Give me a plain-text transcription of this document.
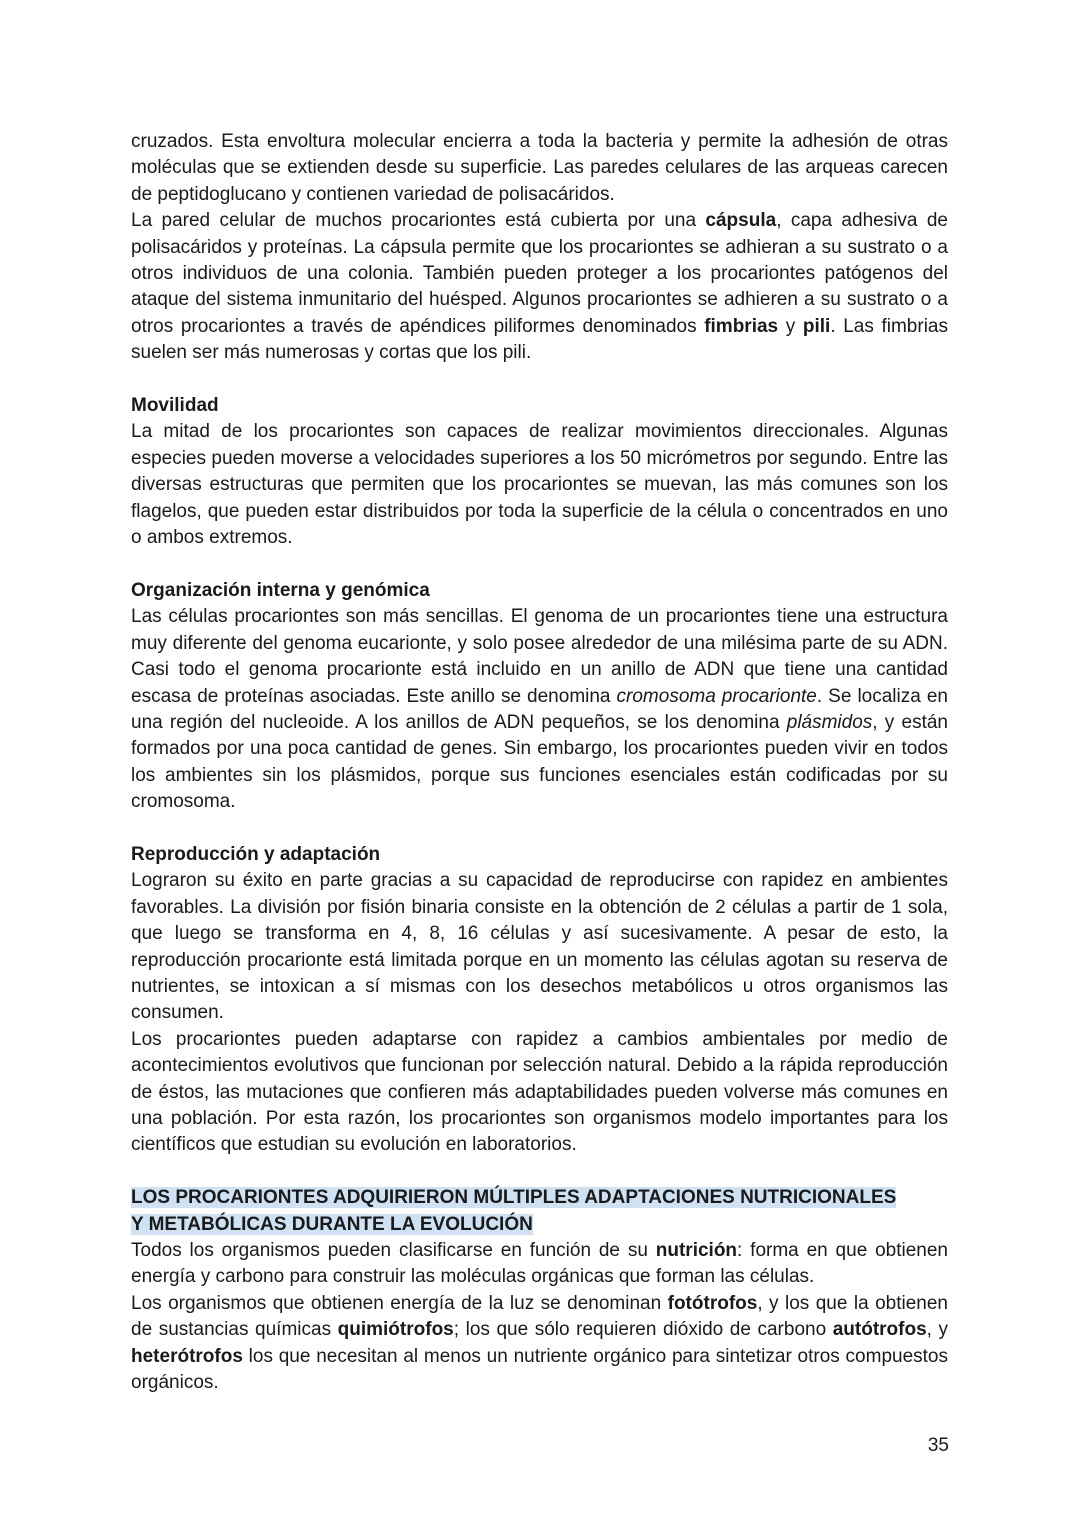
cruzados. Esta envoltura molecular encierra a toda la bacteria y permite la adhesión de otras moléculas que se extienden desde su superficie. Las paredes celulares de las arqueas carecen de peptidoglucano y contienen variedad de polisacáridos.

La pared celular de muchos procariontes está cubierta por una cápsula, capa adhesiva de polisacáridos y proteínas. La cápsula permite que los procariontes se adhieran a su sustrato o a otros individuos de una colonia. También pueden proteger a los procariontes patógenos del ataque del sistema inmunitario del huésped. Algunos procariontes se adhieren a su sustrato o a otros procariontes a través de apéndices piliformes denominados fimbrias y pili. Las fimbrias suelen ser más numerosas y cortas que los pili.

Movilidad

La mitad de los procariontes son capaces de realizar movimientos direccionales. Algunas especies pueden moverse a velocidades superiores a los 50 micrómetros por segundo. Entre las diversas estructuras que permiten que los procariontes se muevan, las más comunes son los flagelos, que pueden estar distribuidos por toda la superficie de la célula o concentrados en uno o ambos extremos.

Organización interna y genómica

Las células procariontes son más sencillas. El genoma de un procariontes tiene una estructura muy diferente del genoma eucarionte, y solo posee alrededor de una milésima parte de su ADN. Casi todo el genoma procarionte está incluido en un anillo de ADN que tiene una cantidad escasa de proteínas asociadas. Este anillo se denomina cromosoma procarionte. Se localiza en una región del nucleoide. A los anillos de ADN pequeños, se los denomina plásmidos, y están formados por una poca cantidad de genes. Sin embargo, los procariontes pueden vivir en todos los ambientes sin los plásmidos, porque sus funciones esenciales están codificadas por su cromosoma.

Reproducción y adaptación

Lograron su éxito en parte gracias a su capacidad de reproducirse con rapidez en ambientes favorables. La división por fisión binaria consiste en la obtención de 2 células a partir de 1 sola, que luego se transforma en 4, 8, 16 células y así sucesivamente. A pesar de esto, la reproducción procarionte está limitada porque en un momento las células agotan su reserva de nutrientes, se intoxican a sí mismas con los desechos metabólicos u otros organismos las consumen.

Los procariontes pueden adaptarse con rapidez a cambios ambientales por medio de acontecimientos evolutivos que funcionan por selección natural. Debido a la rápida reproducción de éstos, las mutaciones que confieren más adaptabilidades pueden volverse más comunes en una población. Por esta razón, los procariontes son organismos modelo importantes para los científicos que estudian su evolución en laboratorios.

LOS PROCARIONTES ADQUIRIERON MÚLTIPLES ADAPTACIONES NUTRICIONALES
Y METABÓLICAS DURANTE LA EVOLUCIÓN

Todos los organismos pueden clasificarse en función de su nutrición: forma en que obtienen energía y carbono para construir las moléculas orgánicas que forman las células.

Los organismos que obtienen energía de la luz se denominan fotótrofos, y los que la obtienen de sustancias químicas quimiótrofos; los que sólo requieren dióxido de carbono autótrofos, y heterótrofos los que necesitan al menos un nutriente orgánico para sintetizar otros compuestos orgánicos.

35
